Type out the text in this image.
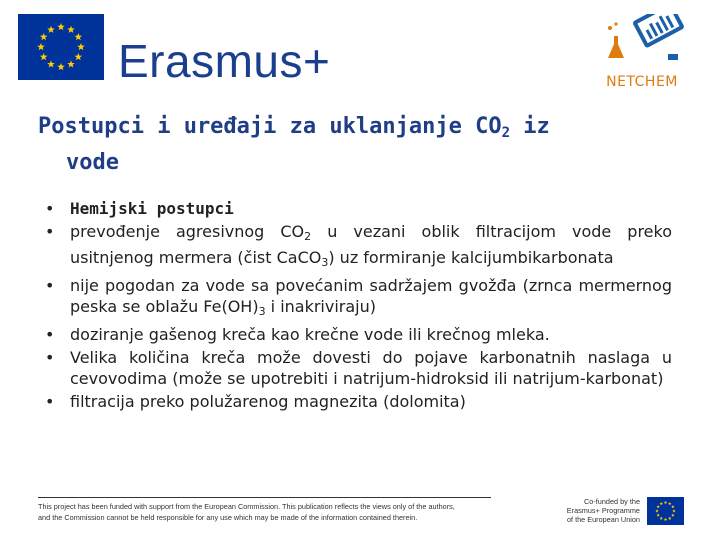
Erasmus+	NETCHEM
Postupci i uređaji za uklanjanje $CO_2$ iz
vode
• Hemijski postupci
• prevođenje agresivnog $CO_2$ u vezani oblik filtracijom vode preko usitnjenog mermera (čist CaCO$_3$) uz formiranje kalcijumbikarbonata
• nije pogodan za vode sa povećanim sadržajem gvožđa (zrnca mermernog peska se oblažu $Fe(OH)_3$ i inakriviraju)
• doziranje gašenog kreča kao krečne vode ili krečnog mleka.
• Velika količina kreča može dovesti do pojave karbonatnih naslaga u cevovodima (može se upotrebiti i natrijum-hidroksid ili natrijum-karbonat)
• filtracija preko polužarenog magnezita (dolomita)
This project has been funded with support from the European Commission. This publication reflects the views only of the authors,
and the Commission cannot be held responsible for any use which may be made of the information contained therein.
Co-funded by the
Erasmus+ Programme
of the European Union
